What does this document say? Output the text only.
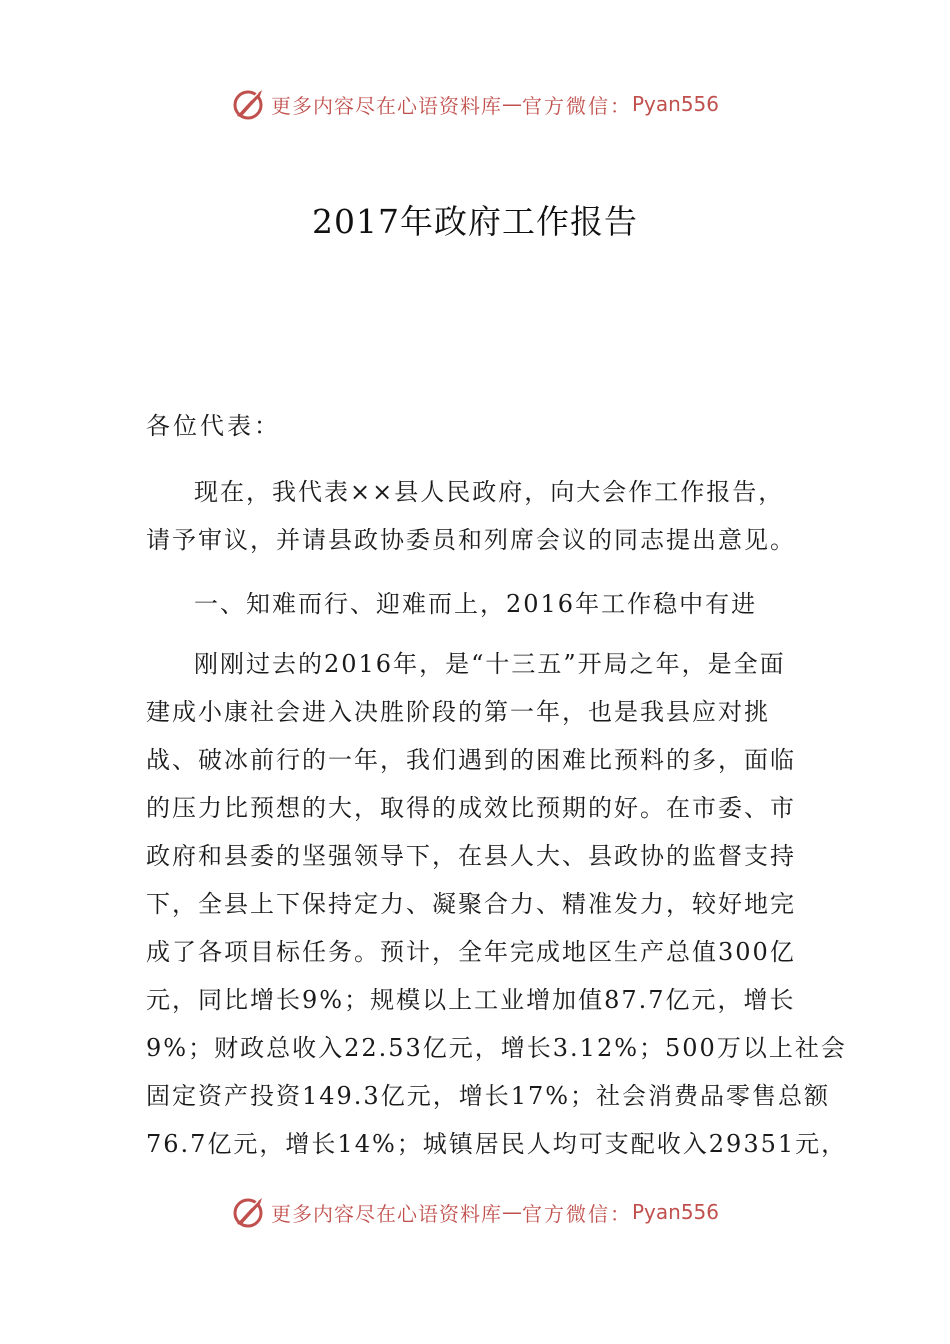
更多内容尽在心语资料库 — 官方微信： Pyan556
2017年政府工作报告

各位代表：

现在，我代表××县人民政府，向大会作工作报告，
请予审议，并请县政协委员和列席会议的同志提出意见。

一、知难而行、迎难而上，2016年工作稳中有进

刚刚过去的2016年，是“十三五”开局之年，是全面
建成小康社会进入决胜阶段的第一年，也是我县应对挑
战、破冰前行的一年，我们遇到的困难比预料的多，面临
的压力比预想的大，取得的成效比预期的好。在市委、市
政府和县委的坚强领导下，在县人大、县政协的监督支持
下，全县上下保持定力、凝聚合力、精准发力，较好地完
成了各项目标任务。预计，全年完成地区生产总值300亿
元，同比增长9%；规模以上工业增加值87.7亿元，增长
9%；财政总收入22.53亿元，增长3.12%；500万以上社会
固定资产投资149.3亿元，增长17%；社会消费品零售总额
76.7亿元，增长14%；城镇居民人均可支配收入29351元，

更多内容尽在心语资料库 — 官方微信： Pyan556
